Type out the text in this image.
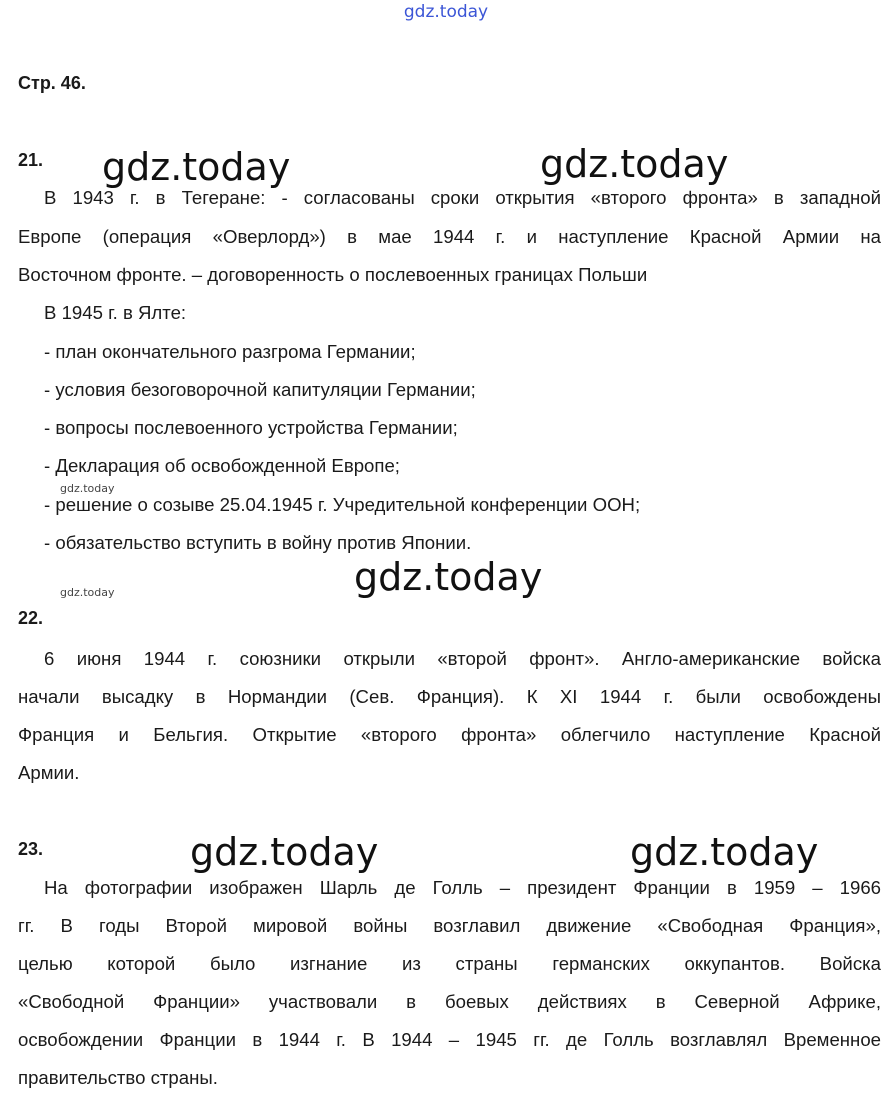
gdz.today
Стр. 46.
21. gdz.today	gdz.today
В 1943 г. в Тегеране: - согласованы сроки открытия «второго фронта» в западной
Европе (операция «Оверлорд») в мае 1944 г. и наступление Красной Армии на
Восточном фронте. – договоренность о послевоенных границах Польши
В 1945 г. в Ялте:
- план окончательного разгрома Германии;
- условия безоговорочной капитуляции Германии;
- вопросы послевоенного устройства Германии;
- Декларация об освобожденной Европе;
gdz.today
- решение о созыве 25.04.1945 г. Учредительной конференции ООН;
- обязательство вступить в войну против Японии.
gdz.today
gdz.today
22.
6 июня 1944 г. союзники открыли «второй фронт». Англо-американские войска
начали высадку в Нормандии (Сев. Франция). К XI 1944 г. были освобождены
Франция и Бельгия. Открытие «второго фронта» облегчило наступление Красной
Армии.
23.	gdz.today	gdz.today
На фотографии изображен Шарль де Голль – президент Франции в 1959 – 1966
гг. В годы Второй мировой войны возглавил движение «Свободная Франция»,
целью которой было изгнание из страны германских оккупантов. Войска
«Свободной Франции» участвовали в боевых действиях в Северной Африке,
освобождении Франции в 1944 г. В 1944 – 1945 гг. де Голль возглавлял Временное
правительство страны.
